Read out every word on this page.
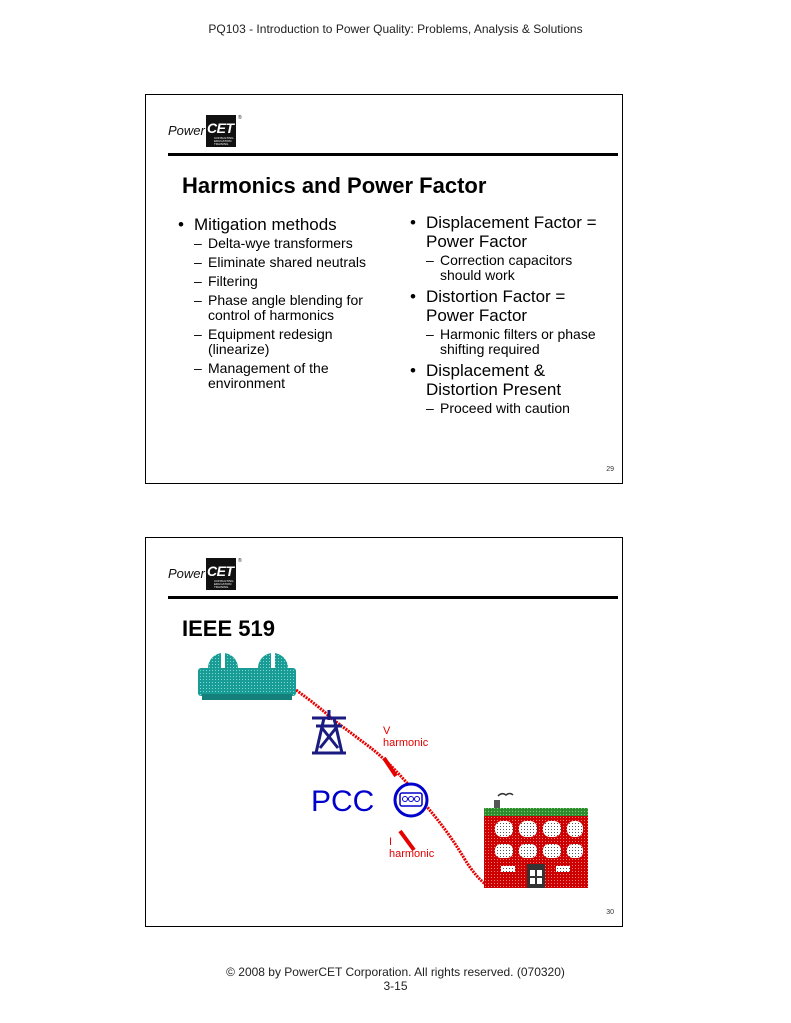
PQ103 - Introduction to Power Quality: Problems, Analysis & Solutions
Power CET
CONSULTING
EDUCATION
TRAINING
®
Harmonics and Power Factor
• Mitigation methods
– Delta-wye transformers
– Eliminate shared neutrals
– Filtering
– Phase angle blending for control of harmonics
– Equipment redesign (linearize)
– Management of the environment
• Displacement Factor = Power Factor
– Correction capacitors should work
• Distortion Factor = Power Factor
– Harmonic filters or phase shifting required
• Displacement & Distortion Present
– Proceed with caution
29
Power CET
CONSULTING
EDUCATION
TRAINING
®
IEEE 519
PCC
V
harmonic
I
harmonic
30
© 2008 by PowerCET Corporation. All rights reserved. (070320)
3-15
